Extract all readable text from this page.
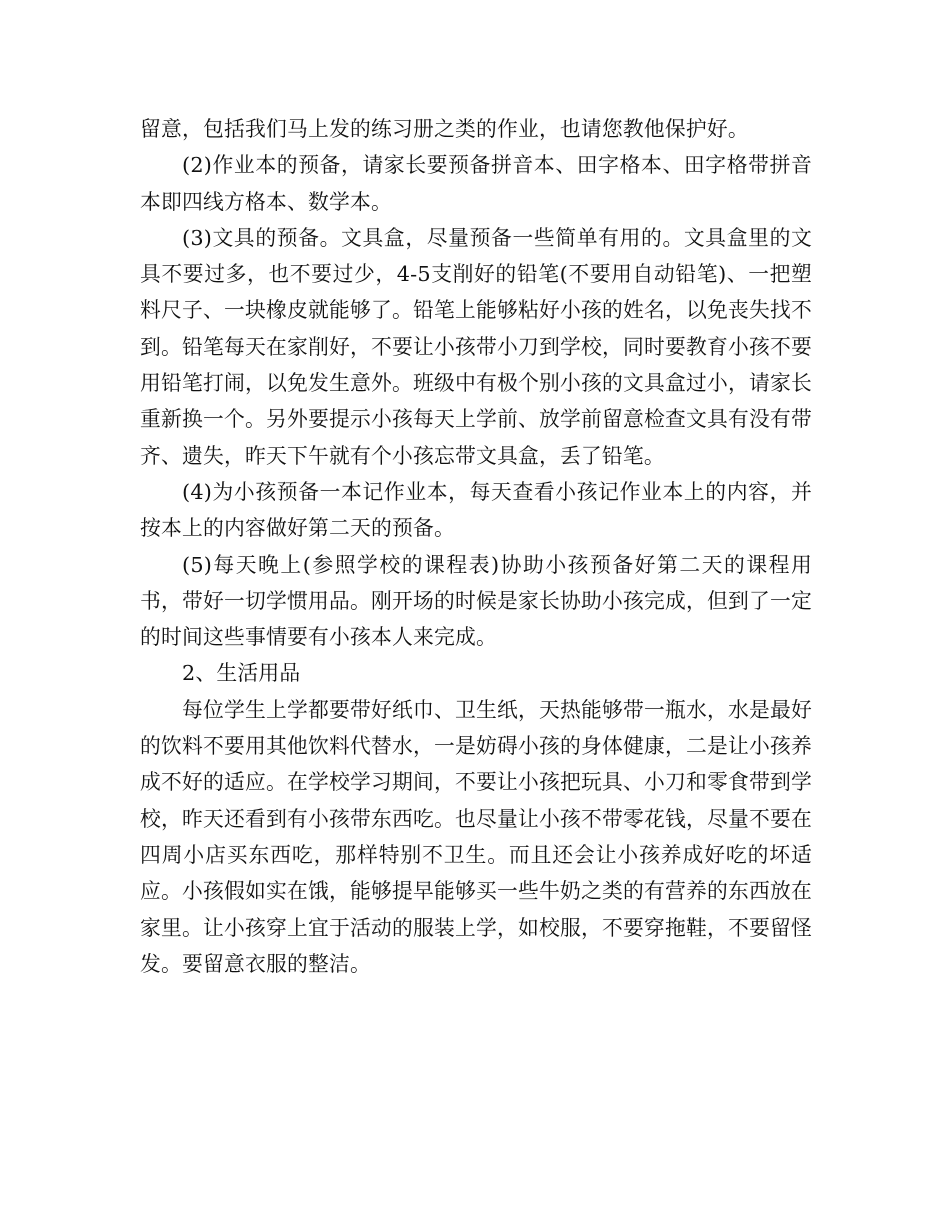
留意，包括我们马上发的练习册之类的作业，也请您教他保护好。

(2)作业本的预备，请家长要预备拼音本、田字格本、田字格带拼音本即四线方格本、数学本。

(3)文具的预备。文具盒，尽量预备一些简单有用的。文具盒里的文具不要过多，也不要过少，4-5支削好的铅笔(不要用自动铅笔)、一把塑料尺子、一块橡皮就能够了。铅笔上能够粘好小孩的姓名，以免丧失找不到。铅笔每天在家削好，不要让小孩带小刀到学校，同时要教育小孩不要用铅笔打闹，以免发生意外。班级中有极个别小孩的文具盒过小，请家长重新换一个。另外要提示小孩每天上学前、放学前留意检查文具有没有带齐、遗失，昨天下午就有个小孩忘带文具盒，丢了铅笔。

(4)为小孩预备一本记作业本，每天查看小孩记作业本上的内容，并按本上的内容做好第二天的预备。

(5)每天晚上(参照学校的课程表)协助小孩预备好第二天的课程用书，带好一切学惯用品。刚开场的时候是家长协助小孩完成，但到了一定的时间这些事情要有小孩本人来完成。

2、生活用品

每位学生上学都要带好纸巾、卫生纸，天热能够带一瓶水，水是最好的饮料不要用其他饮料代替水，一是妨碍小孩的身体健康，二是让小孩养成不好的适应。在学校学习期间，不要让小孩把玩具、小刀和零食带到学校，昨天还看到有小孩带东西吃。也尽量让小孩不带零花钱，尽量不要在四周小店买东西吃，那样特别不卫生。而且还会让小孩养成好吃的坏适应。小孩假如实在饿，能够提早能够买一些牛奶之类的有营养的东西放在家里。让小孩穿上宜于活动的服装上学，如校服，不要穿拖鞋，不要留怪发。要留意衣服的整洁。
